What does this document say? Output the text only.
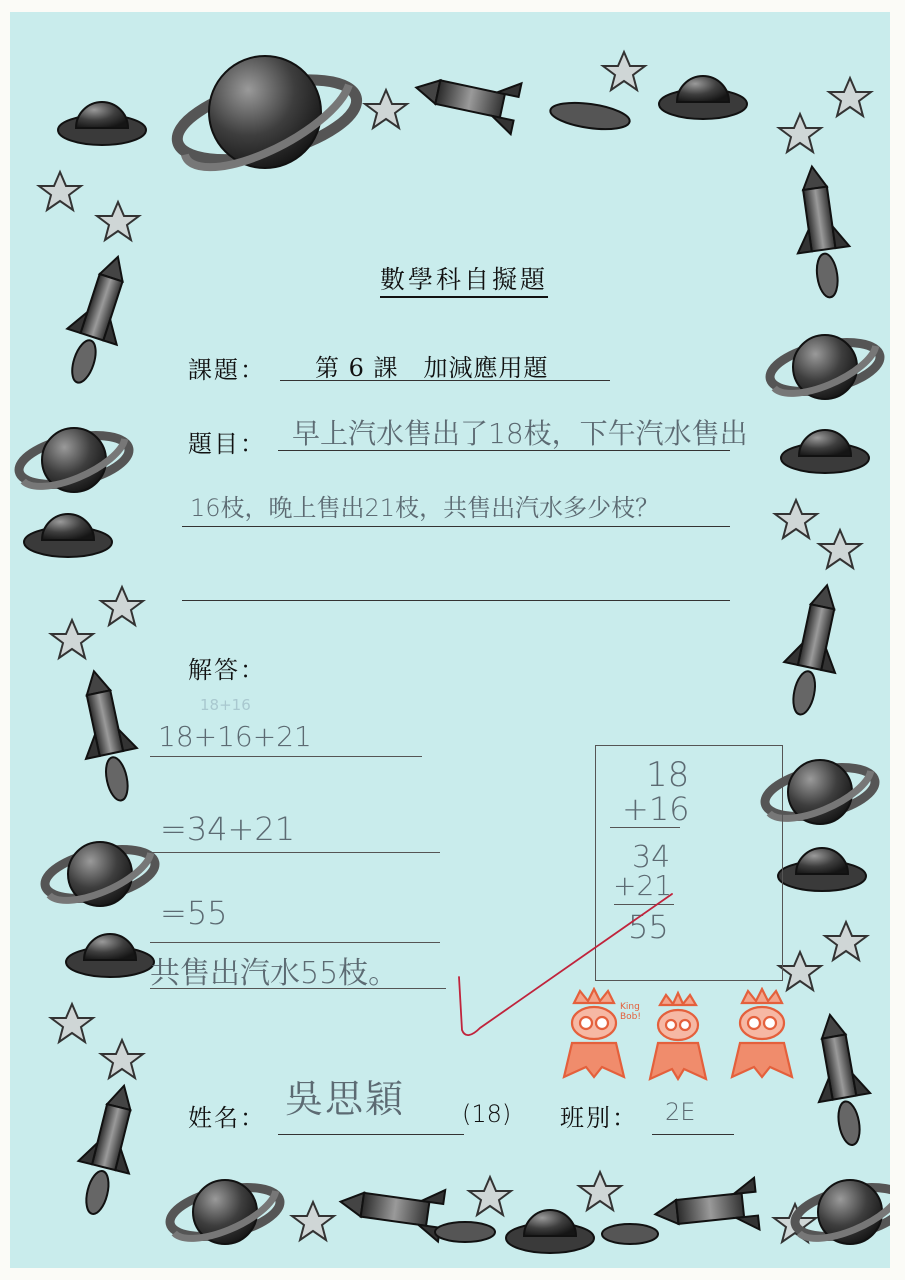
數學科自擬題
課題： 第 6 課　加減應用題
題目： 早上汽水售出了18枝，下午汽水售出
16枝，晚上售出21枝，共售出汽水多少枝？
解答：
18+16
18+16+21
=34+21
=55
共售出汽水55枝。
18
+16
34
+21
55
King Bob!
姓名： 吳思穎 (18) 班別： 2E
